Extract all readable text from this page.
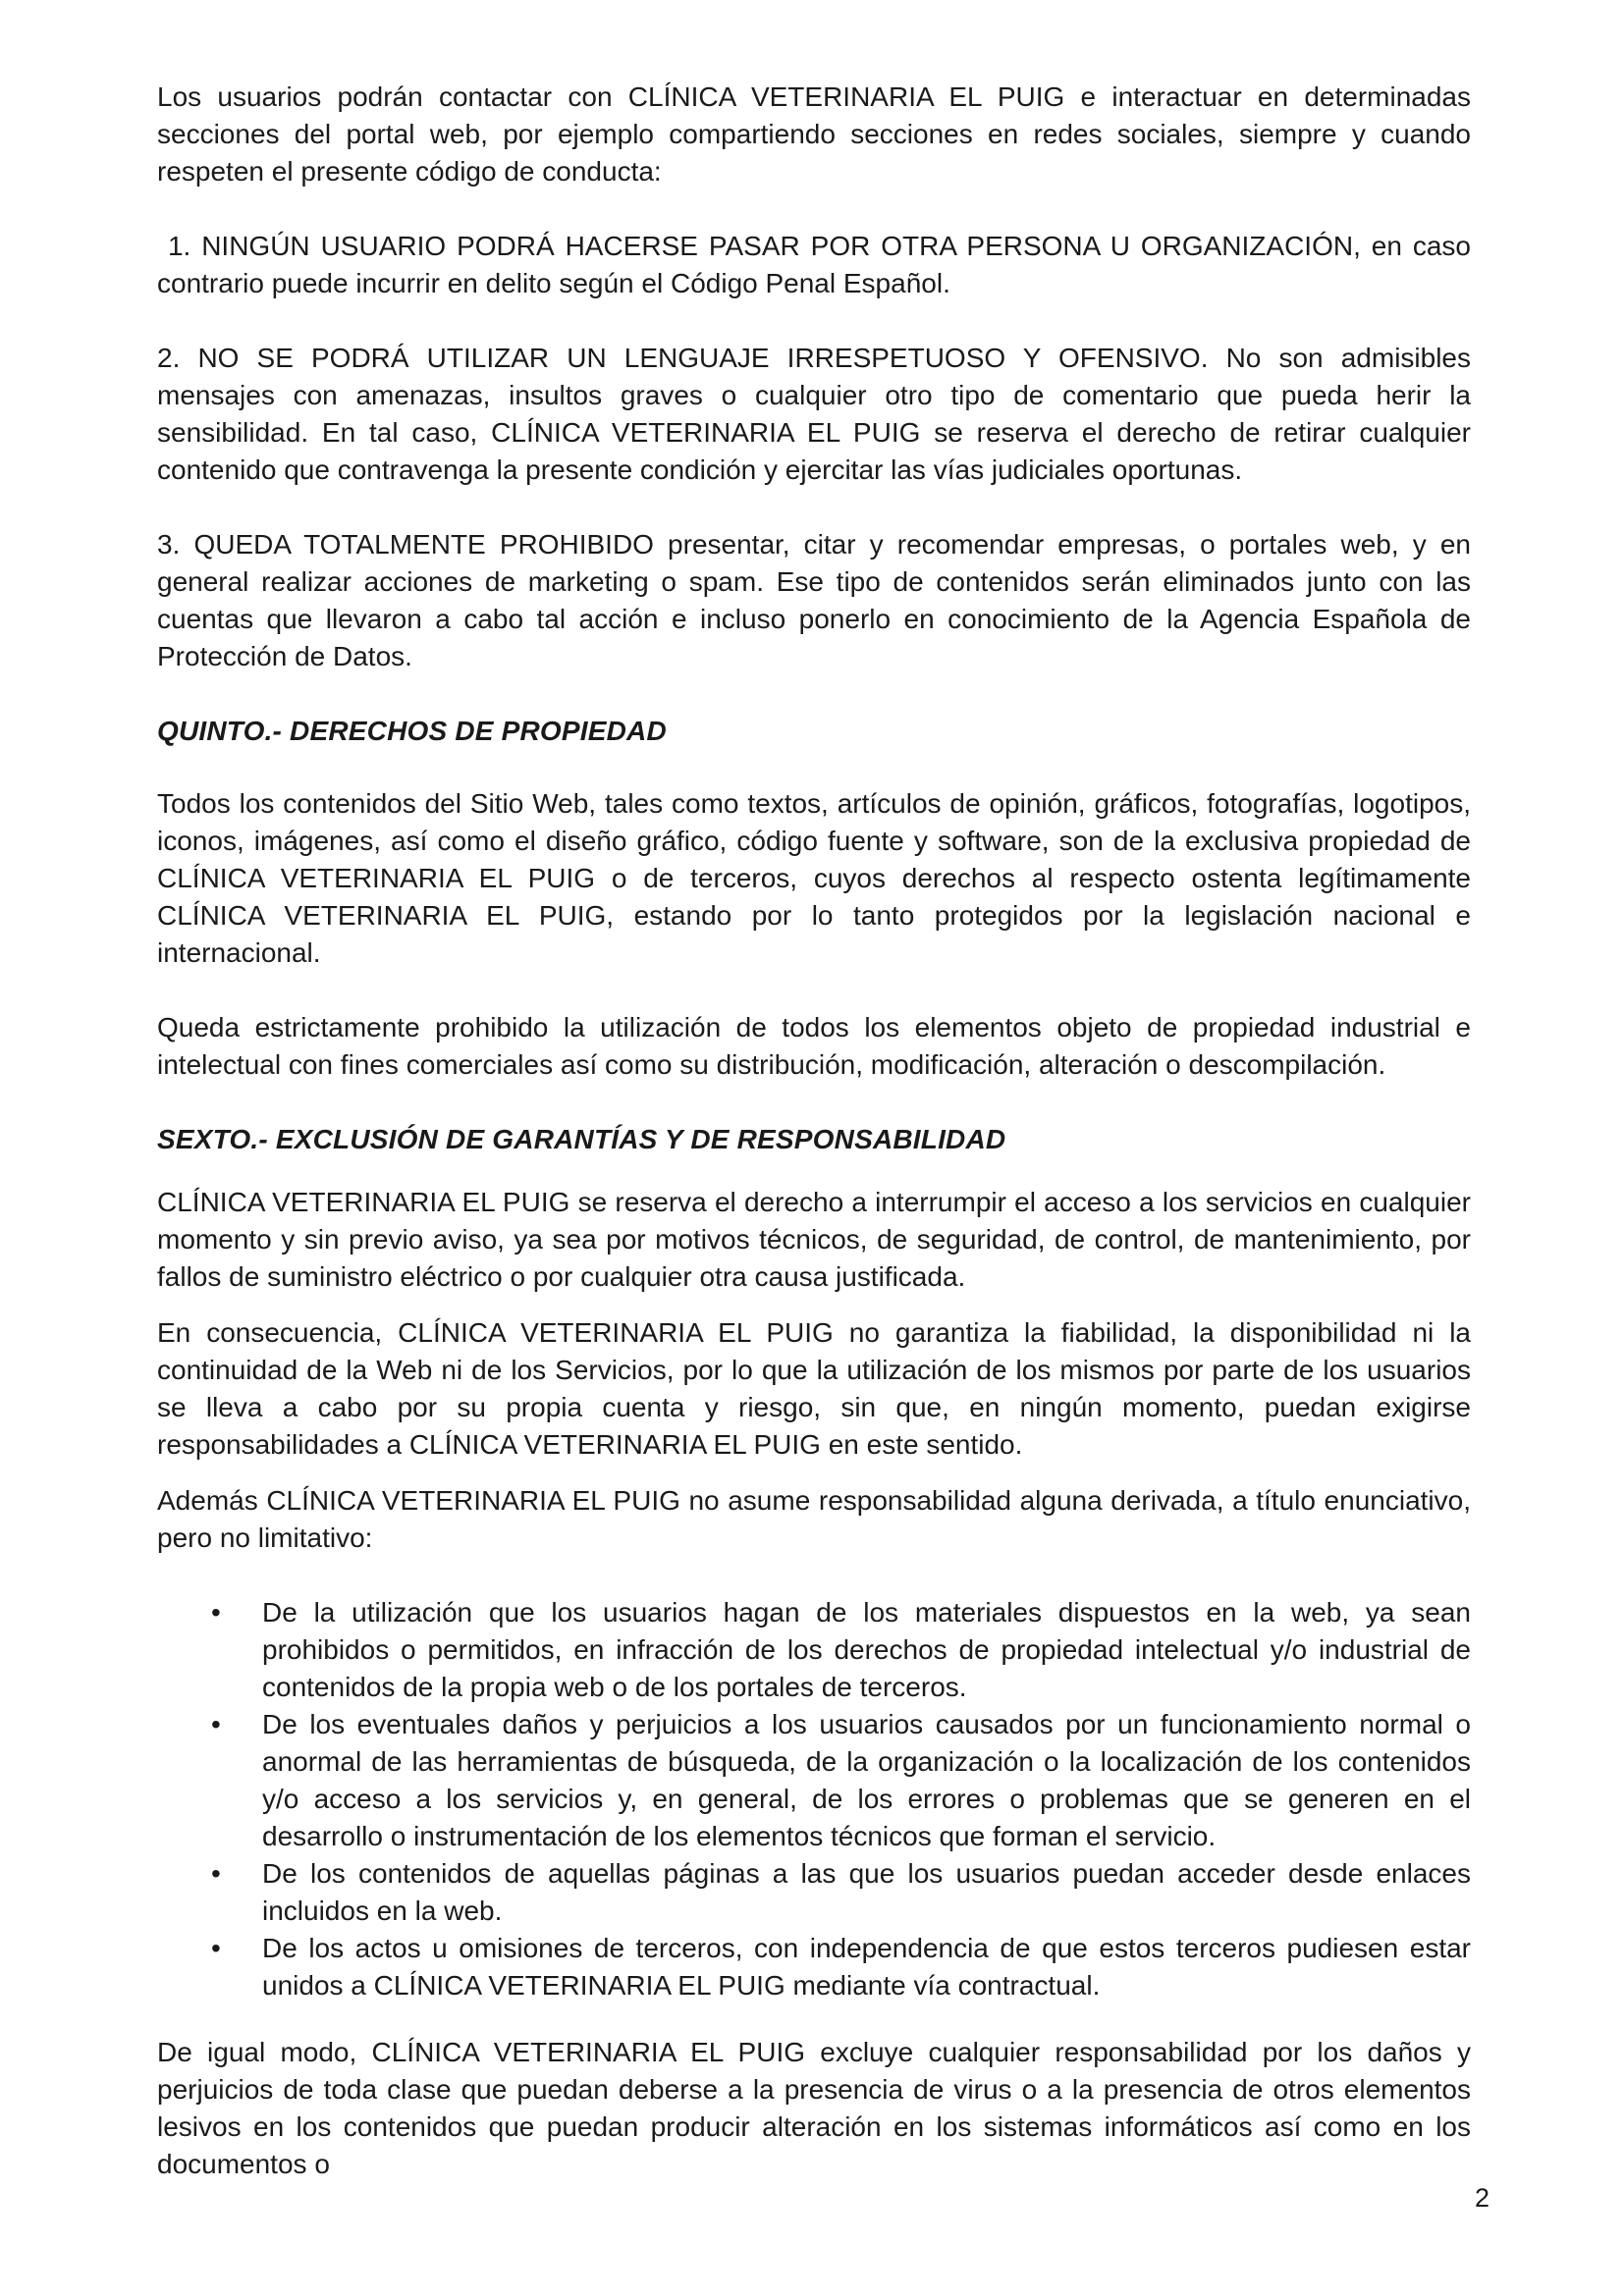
Los usuarios podrán contactar con CLÍNICA VETERINARIA EL PUIG e interactuar en determinadas secciones del portal web, por ejemplo compartiendo secciones en redes sociales, siempre y cuando respeten el presente código de conducta:

1. NINGÚN USUARIO PODRÁ HACERSE PASAR POR OTRA PERSONA U ORGANIZACIÓN, en caso contrario puede incurrir en delito según el Código Penal Español.

2. NO SE PODRÁ UTILIZAR UN LENGUAJE IRRESPETUOSO Y OFENSIVO. No son admisibles mensajes con amenazas, insultos graves o cualquier otro tipo de comentario que pueda herir la sensibilidad. En tal caso, CLÍNICA VETERINARIA EL PUIG se reserva el derecho de retirar cualquier contenido que contravenga la presente condición y ejercitar las vías judiciales oportunas.

3. QUEDA TOTALMENTE PROHIBIDO presentar, citar y recomendar empresas, o portales web, y en general realizar acciones de marketing o spam. Ese tipo de contenidos serán eliminados junto con las cuentas que llevaron a cabo tal acción e incluso ponerlo en conocimiento de la Agencia Española de Protección de Datos.

QUINTO.- DERECHOS DE PROPIEDAD

Todos los contenidos del Sitio Web, tales como textos, artículos de opinión, gráficos, fotografías, logotipos, iconos, imágenes, así como el diseño gráfico, código fuente y software, son de la exclusiva propiedad de CLÍNICA VETERINARIA EL PUIG o de terceros, cuyos derechos al respecto ostenta legítimamente CLÍNICA VETERINARIA EL PUIG, estando por lo tanto protegidos por la legislación nacional e internacional.

Queda estrictamente prohibido la utilización de todos los elementos objeto de propiedad industrial e intelectual con fines comerciales así como su distribución, modificación, alteración o descompilación.

SEXTO.- EXCLUSIÓN DE GARANTÍAS Y DE RESPONSABILIDAD

CLÍNICA VETERINARIA EL PUIG se reserva el derecho a interrumpir el acceso a los servicios en cualquier momento y sin previo aviso, ya sea por motivos técnicos, de seguridad, de control, de mantenimiento, por fallos de suministro eléctrico o por cualquier otra causa justificada.

En consecuencia, CLÍNICA VETERINARIA EL PUIG no garantiza la fiabilidad, la disponibilidad ni la continuidad de la Web ni de los Servicios, por lo que la utilización de los mismos por parte de los usuarios se lleva a cabo por su propia cuenta y riesgo, sin que, en ningún momento, puedan exigirse responsabilidades a CLÍNICA VETERINARIA EL PUIG en este sentido.

Además CLÍNICA VETERINARIA EL PUIG no asume responsabilidad alguna derivada, a título enunciativo, pero no limitativo:

• De la utilización que los usuarios hagan de los materiales dispuestos en la web, ya sean prohibidos o permitidos, en infracción de los derechos de propiedad intelectual y/o industrial de contenidos de la propia web o de los portales de terceros.
• De los eventuales daños y perjuicios a los usuarios causados por un funcionamiento normal o anormal de las herramientas de búsqueda, de la organización o la localización de los contenidos y/o acceso a los servicios y, en general, de los errores o problemas que se generen en el desarrollo o instrumentación de los elementos técnicos que forman el servicio.
• De los contenidos de aquellas páginas a las que los usuarios puedan acceder desde enlaces incluidos en la web.
• De los actos u omisiones de terceros, con independencia de que estos terceros pudiesen estar unidos a CLÍNICA VETERINARIA EL PUIG mediante vía contractual.

De igual modo, CLÍNICA VETERINARIA EL PUIG excluye cualquier responsabilidad por los daños y perjuicios de toda clase que puedan deberse a la presencia de virus o a la presencia de otros elementos lesivos en los contenidos que puedan producir alteración en los sistemas informáticos así como en los documentos o

2
